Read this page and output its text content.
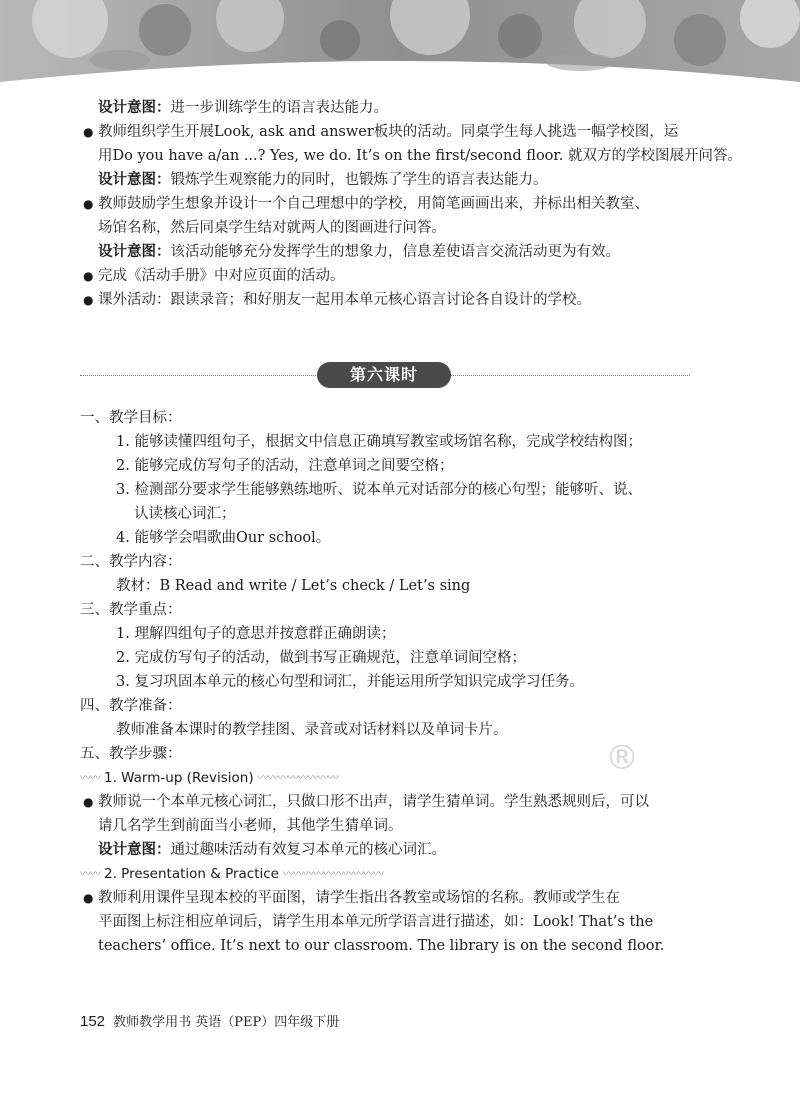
设计意图：进一步训练学生的语言表达能力。
● 教师组织学生开展Look, ask and answer板块的活动。同桌学生每人挑选一幅学校图，运
用Do you have a/an ...? Yes, we do. It’s on the first/second floor. 就双方的学校图展开问答。
设计意图：锻炼学生观察能力的同时，也锻炼了学生的语言表达能力。
● 教师鼓励学生想象并设计一个自己理想中的学校，用简笔画画出来，并标出相关教室、
场馆名称，然后同桌学生结对就两人的图画进行问答。
设计意图：该活动能够充分发挥学生的想象力，信息差使语言交流活动更为有效。
● 完成《活动手册》中对应页面的活动。
● 课外活动：跟读录音；和好朋友一起用本单元核心语言讨论各自设计的学校。
第六课时
一、教学目标：
1. 能够读懂四组句子，根据文中信息正确填写教室或场馆名称，完成学校结构图；
2. 能够完成仿写句子的活动，注意单词之间要空格；
3. 检测部分要求学生能够熟练地听、说本单元对话部分的核心句型；能够听、说、
认读核心词汇；
4. 能够学会唱歌曲Our school。
二、教学内容：
教材：B Read and write / Let’s check / Let’s sing
三、教学重点：
1. 理解四组句子的意思并按意群正确朗读；
2. 完成仿写句子的活动，做到书写正确规范，注意单词间空格；
3. 复习巩固本单元的核心句型和词汇，并能运用所学知识完成学习任务。
四、教学准备：
教师准备本课时的教学挂图、录音或对话材料以及单词卡片。
五、教学步骤：
〰〰 1. Warm-up (Revision) 〰〰〰〰〰〰〰〰
● 教师说一个本单元核心词汇，只做口形不出声，请学生猜单词。学生熟悉规则后，可以
请几名学生到前面当小老师，其他学生猜单词。
设计意图：通过趣味活动有效复习本单元的核心词汇。
〰〰 2. Presentation & Practice 〰〰〰〰〰〰〰〰〰〰
● 教师利用课件呈现本校的平面图，请学生指出各教室或场馆的名称。教师或学生在
平面图上标注相应单词后，请学生用本单元所学语言进行描述，如：Look! That’s the
teachers’ office. It’s next to our classroom. The library is on the second floor.
®
152 教师教学用书 英语（PEP）四年级下册
